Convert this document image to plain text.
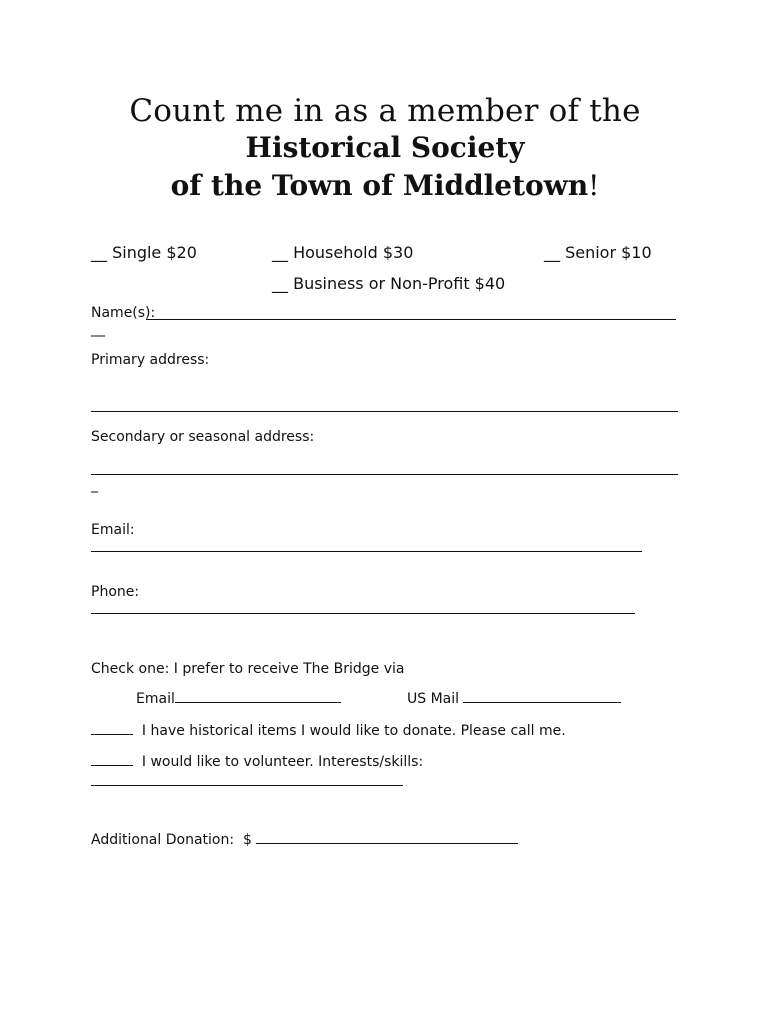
Count me in as a member of the
Historical Society
of the Town of Middletown!
__ Single $20	__ Household $30	__ Senior $10
__ Business or Non-Profit $40
Name(s):
__
Primary address:
Secondary or seasonal address:
_
Email:
Phone:
Check one: I prefer to receive The Bridge via
Email	US Mail
I have historical items I would like to donate. Please call me.
I would like to volunteer. Interests/skills:
Additional Donation: $
